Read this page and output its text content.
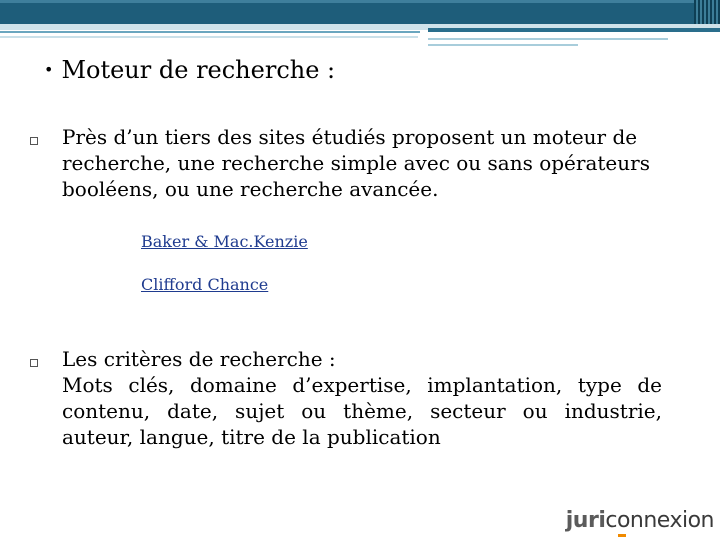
• Moteur de recherche :
Près d’un tiers des sites étudiés proposent un moteur de recherche, une recherche simple avec ou sans opérateurs booléens, ou une recherche avancée.
Baker & Mac.Kenzie
Clifford Chance
Les critères de recherche :
Mots clés, domaine d’expertise, implantation, type de contenu, date, sujet ou thème, secteur ou industrie, auteur, langue, titre de la publication
juriconnexion
